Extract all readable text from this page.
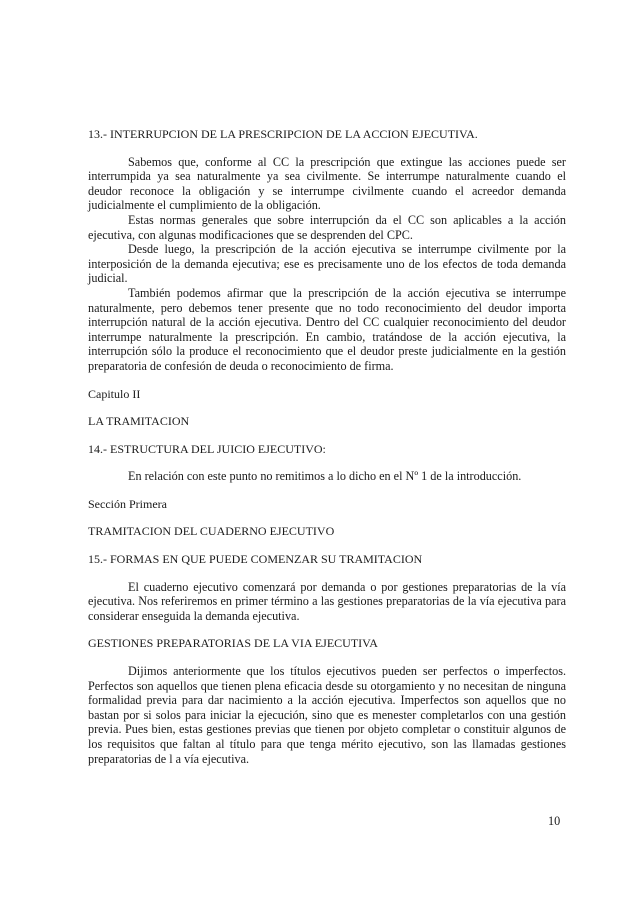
13.- INTERRUPCION DE LA PRESCRIPCION DE LA ACCION EJECUTIVA.

Sabemos que, conforme al CC la prescripción que extingue las acciones puede ser interrumpida ya sea naturalmente ya sea civilmente. Se interrumpe naturalmente cuando el deudor reconoce la obligación y se interrumpe civilmente cuando el acreedor demanda judicialmente el cumplimiento de la obligación.

Estas normas generales que sobre interrupción da el CC son aplicables a la acción ejecutiva, con algunas modificaciones que se desprenden del CPC.

Desde luego, la prescripción de la acción ejecutiva se interrumpe civilmente por la interposición de la demanda ejecutiva; ese es precisamente uno de los efectos de toda demanda judicial.

También podemos afirmar que la prescripción de la acción ejecutiva se interrumpe naturalmente, pero debemos tener presente que no todo reconocimiento del deudor importa interrupción natural de la acción ejecutiva. Dentro del CC cualquier reconocimiento del deudor interrumpe naturalmente la prescripción. En cambio, tratándose de la acción ejecutiva, la interrupción sólo la produce el reconocimiento que el deudor preste judicialmente en la gestión preparatoria de confesión de deuda o reconocimiento de firma.

Capitulo II

LA TRAMITACION

14.- ESTRUCTURA DEL JUICIO EJECUTIVO:

En relación con este punto no remitimos a lo dicho en el Nº 1 de la introducción.

Sección Primera

TRAMITACION DEL CUADERNO EJECUTIVO

15.- FORMAS EN QUE PUEDE COMENZAR SU TRAMITACION

El cuaderno ejecutivo comenzará por demanda o por gestiones preparatorias de la vía ejecutiva. Nos referiremos en primer término a las gestiones preparatorias de la vía ejecutiva para considerar enseguida la demanda ejecutiva.

GESTIONES PREPARATORIAS DE LA VIA EJECUTIVA

Dijimos anteriormente que los títulos ejecutivos pueden ser perfectos o imperfectos. Perfectos son aquellos que tienen plena eficacia desde su otorgamiento y no necesitan de ninguna formalidad previa para dar nacimiento a la acción ejecutiva. Imperfectos son aquellos que no bastan por si solos para iniciar la ejecución, sino que es menester completarlos con una gestión previa. Pues bien, estas gestiones previas que tienen por objeto completar o constituir algunos de los requisitos que faltan al título para que tenga mérito ejecutivo, son las llamadas gestiones preparatorias de l a vía ejecutiva.

10
